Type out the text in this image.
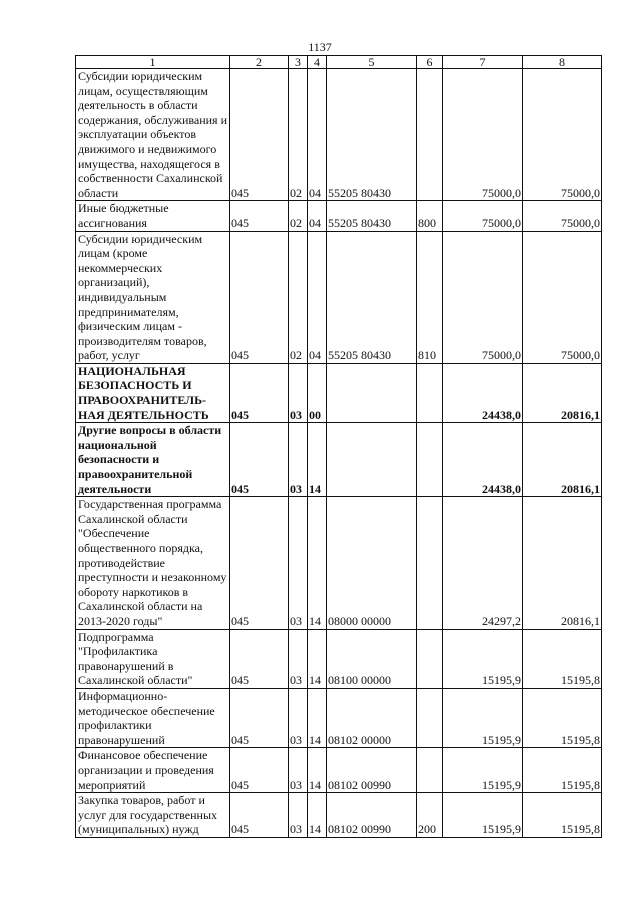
1137
1	2	3	4	5	6	7	8
Субсидии юридическим лицам, осуществляющим деятельность в области содержания, обслуживания и эксплуатации объектов движимого и недвижимого имущества, находящегося в собственности Сахалинской области	045	02	04	55205 80430		75000,0	75000,0
Иные бюджетные ассигнования	045	02	04	55205 80430	800	75000,0	75000,0
Субсидии юридическим лицам (кроме некоммерческих организаций), индивидуальным предпринимателям, физическим лицам - производителям товаров, работ, услуг	045	02	04	55205 80430	810	75000,0	75000,0
НАЦИОНАЛЬНАЯ БЕЗОПАСНОСТЬ И ПРАВООХРАНИТЕЛЬ-НАЯ ДЕЯТЕЛЬНОСТЬ	045	03	00			24438,0	20816,1
Другие вопросы в области национальной безопасности и правоохранительной деятельности	045	03	14			24438,0	20816,1
Государственная программа Сахалинской области "Обеспечение общественного порядка, противодействие преступности и незаконному обороту наркотиков в Сахалинской области на 2013-2020 годы"	045	03	14	08000 00000		24297,2	20816,1
Подпрограмма "Профилактика правонарушений в Сахалинской области"	045	03	14	08100 00000		15195,9	15195,8
Информационно-методическое обеспечение профилактики правонарушений	045	03	14	08102 00000		15195,9	15195,8
Финансовое обеспечение организации и проведения мероприятий	045	03	14	08102 00990		15195,9	15195,8
Закупка товаров, работ и услуг для государственных (муниципальных) нужд	045	03	14	08102 00990	200	15195,9	15195,8
